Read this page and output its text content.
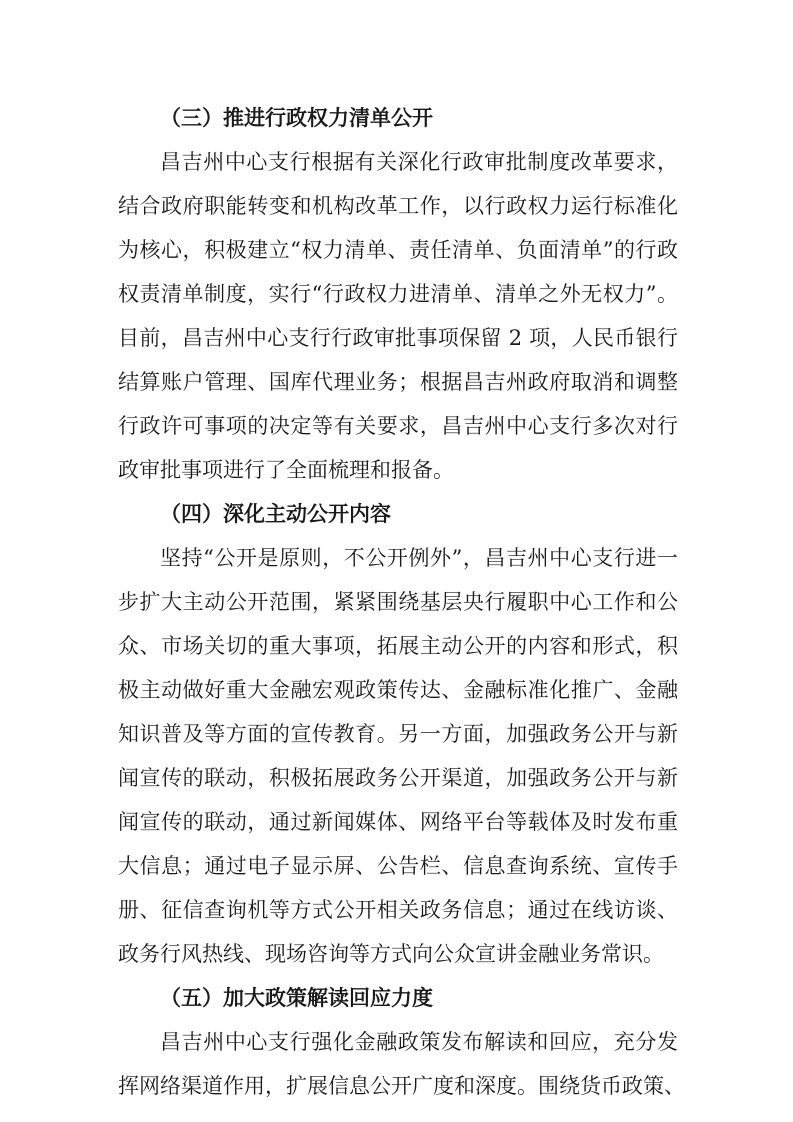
（三）推进行政权力清单公开
昌吉州中心支行根据有关深化行政审批制度改革要求，
结合政府职能转变和机构改革工作，以行政权力运行标准化
为核心，积极建立“权力清单、责任清单、负面清单”的行政
权责清单制度，实行“行政权力进清单、清单之外无权力”。
目前，昌吉州中心支行行政审批事项保留 2 项，人民币银行
结算账户管理、国库代理业务；根据昌吉州政府取消和调整
行政许可事项的决定等有关要求，昌吉州中心支行多次对行
政审批事项进行了全面梳理和报备。
（四）深化主动公开内容
坚持“公开是原则，不公开例外”，昌吉州中心支行进一
步扩大主动公开范围，紧紧围绕基层央行履职中心工作和公
众、市场关切的重大事项，拓展主动公开的内容和形式，积
极主动做好重大金融宏观政策传达、金融标准化推广、金融
知识普及等方面的宣传教育。另一方面，加强政务公开与新
闻宣传的联动，积极拓展政务公开渠道，加强政务公开与新
闻宣传的联动，通过新闻媒体、网络平台等载体及时发布重
大信息；通过电子显示屏、公告栏、信息查询系统、宣传手
册、征信查询机等方式公开相关政务信息；通过在线访谈、
政务行风热线、现场咨询等方式向公众宣讲金融业务常识。
（五）加大政策解读回应力度
昌吉州中心支行强化金融政策发布解读和回应，充分发
挥网络渠道作用，扩展信息公开广度和深度。围绕货币政策、
